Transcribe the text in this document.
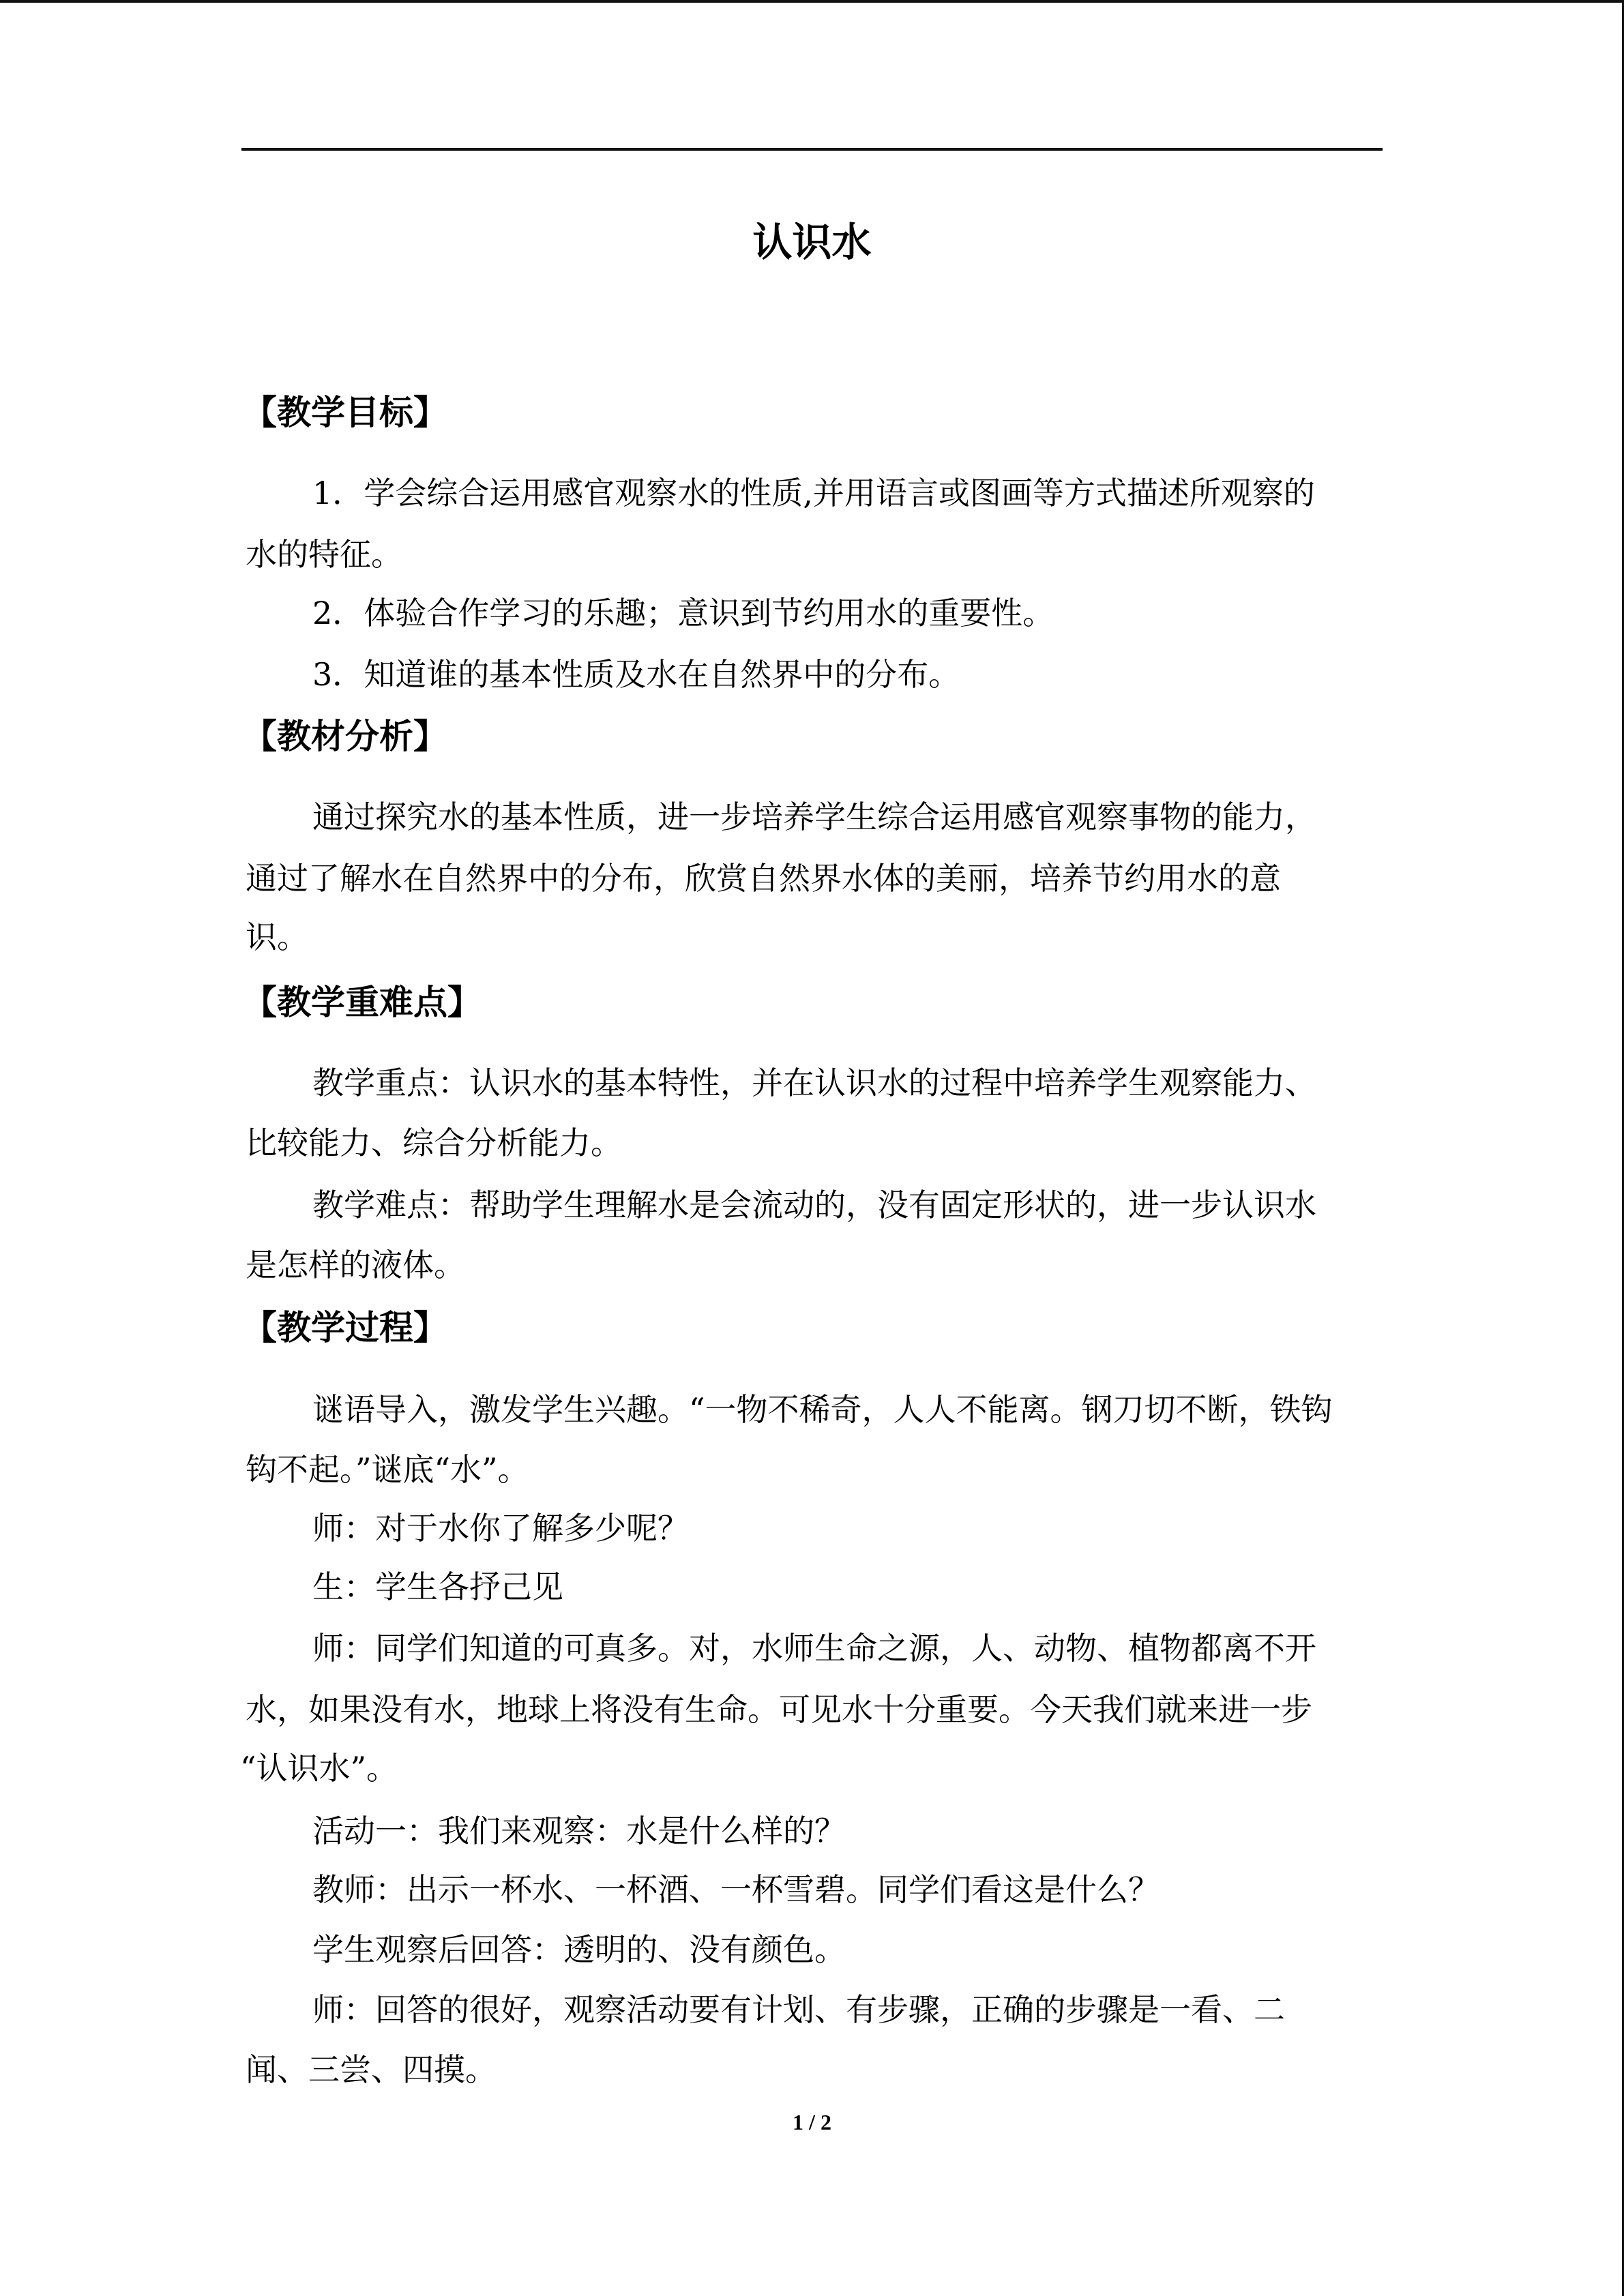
认识水
【教学目标】
1．学会综合运用感官观察水的性质,并用语言或图画等方式描述所观察的
水的特征。
2．体验合作学习的乐趣；意识到节约用水的重要性。
3．知道谁的基本性质及水在自然界中的分布。
【教材分析】
通过探究水的基本性质，进一步培养学生综合运用感官观察事物的能力，
通过了解水在自然界中的分布，欣赏自然界水体的美丽，培养节约用水的意
识。
【教学重难点】
教学重点：认识水的基本特性，并在认识水的过程中培养学生观察能力、
比较能力、综合分析能力。
教学难点：帮助学生理解水是会流动的，没有固定形状的，进一步认识水
是怎样的液体。
【教学过程】
谜语导入，激发学生兴趣。“一物不稀奇，人人不能离。钢刀切不断，铁钩
钩不起。”谜底“水”。
师：对于水你了解多少呢？
生：学生各抒己见
师：同学们知道的可真多。对，水师生命之源，人、动物、植物都离不开
水，如果没有水，地球上将没有生命。可见水十分重要。今天我们就来进一步
“认识水”。
活动一：我们来观察：水是什么样的？
教师：出示一杯水、一杯酒、一杯雪碧。同学们看这是什么？
学生观察后回答：透明的、没有颜色。
师：回答的很好，观察活动要有计划、有步骤，正确的步骤是一看、二
闻、三尝、四摸。
1 / 2
